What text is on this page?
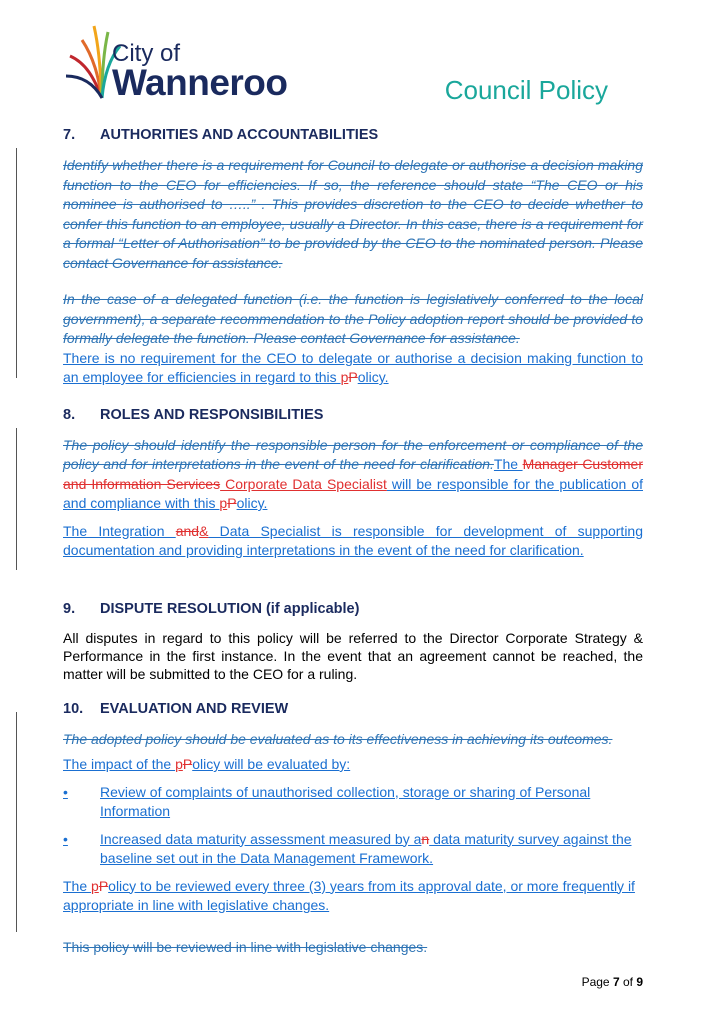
City of
Wanneroo	Council Policy
7. AUTHORITIES AND ACCOUNTABILITIES

Identify whether there is a requirement for Council to delegate or authorise a decision making function to the CEO for efficiencies. If so, the reference should state “The CEO or his nominee is authorised to …..” . This provides discretion to the CEO to decide whether to confer this function to an employee, usually a Director. In this case, there is a requirement for a formal “Letter of Authorisation” to be provided by the CEO to the nominated person. Please contact Governance for assistance.

In the case of a delegated function (i.e. the function is legislatively conferred to the local government), a separate recommendation to the Policy adoption report should be provided to formally delegate the function. Please contact Governance for assistance.

There is no requirement for the CEO to delegate or authorise a decision making function to an employee for efficiencies in regard to this pPolicy.

8. ROLES AND RESPONSIBILITIES

The policy should identify the responsible person for the enforcement or compliance of the policy and for interpretations in the event of the need for clarification.The Manager Customer and Information Services Corporate Data Specialist will be responsible for the publication of and compliance with this pPolicy.

The Integration and& Data Specialist is responsible for development of supporting documentation and providing interpretations in the event of the need for clarification.

9. DISPUTE RESOLUTION (if applicable)

All disputes in regard to this policy will be referred to the Director Corporate Strategy & Performance in the first instance. In the event that an agreement cannot be reached, the matter will be submitted to the CEO for a ruling.

10. EVALUATION AND REVIEW

The adopted policy should be evaluated as to its effectiveness in achieving its outcomes.

The impact of the pPolicy will be evaluated by:

•	Review of complaints of unauthorised collection, storage or sharing of Personal Information
•	Increased data maturity assessment measured by an data maturity survey against the baseline set out in the Data Management Framework.

The pPolicy to be reviewed every three (3) years from its approval date, or more frequently if appropriate in line with legislative changes.

This policy will be reviewed in line with legislative changes.

Page 7 of 9
